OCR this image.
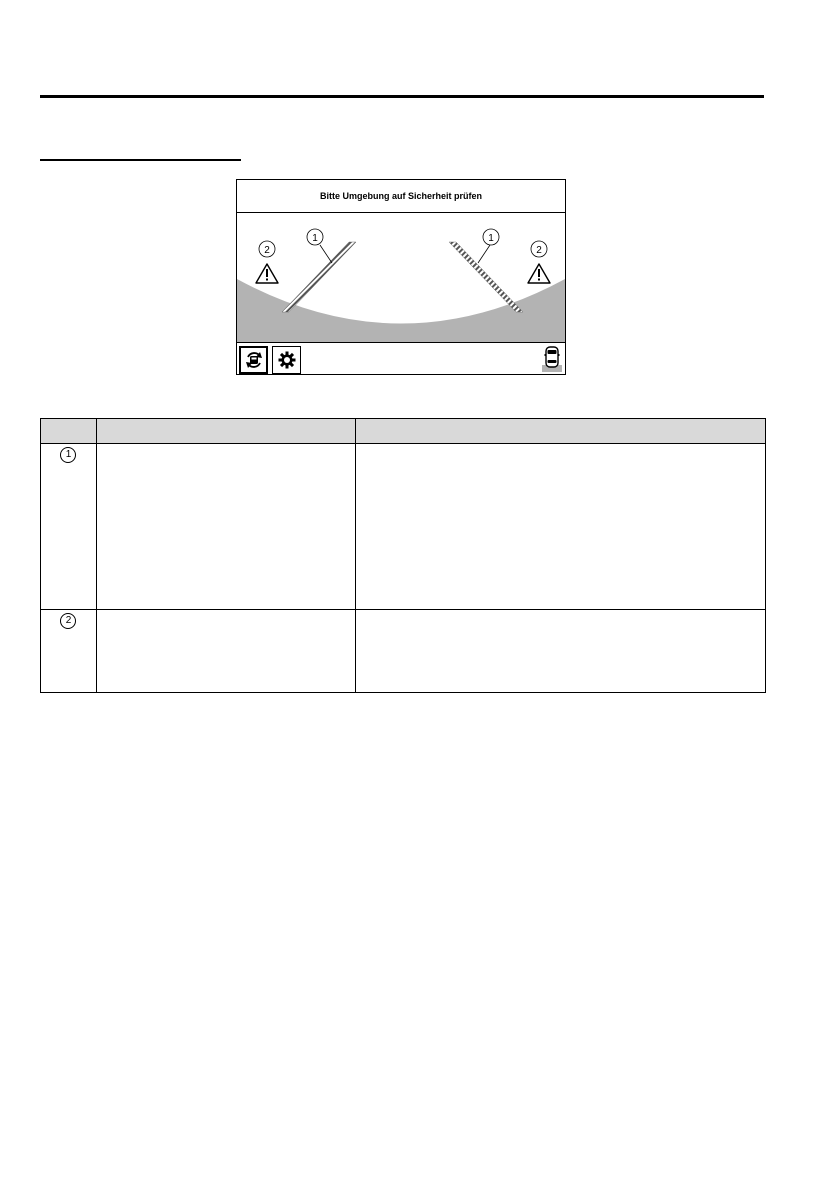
Bitte Umgebung auf Sicherheit prüfen
1	1
2	2

1		
2		
